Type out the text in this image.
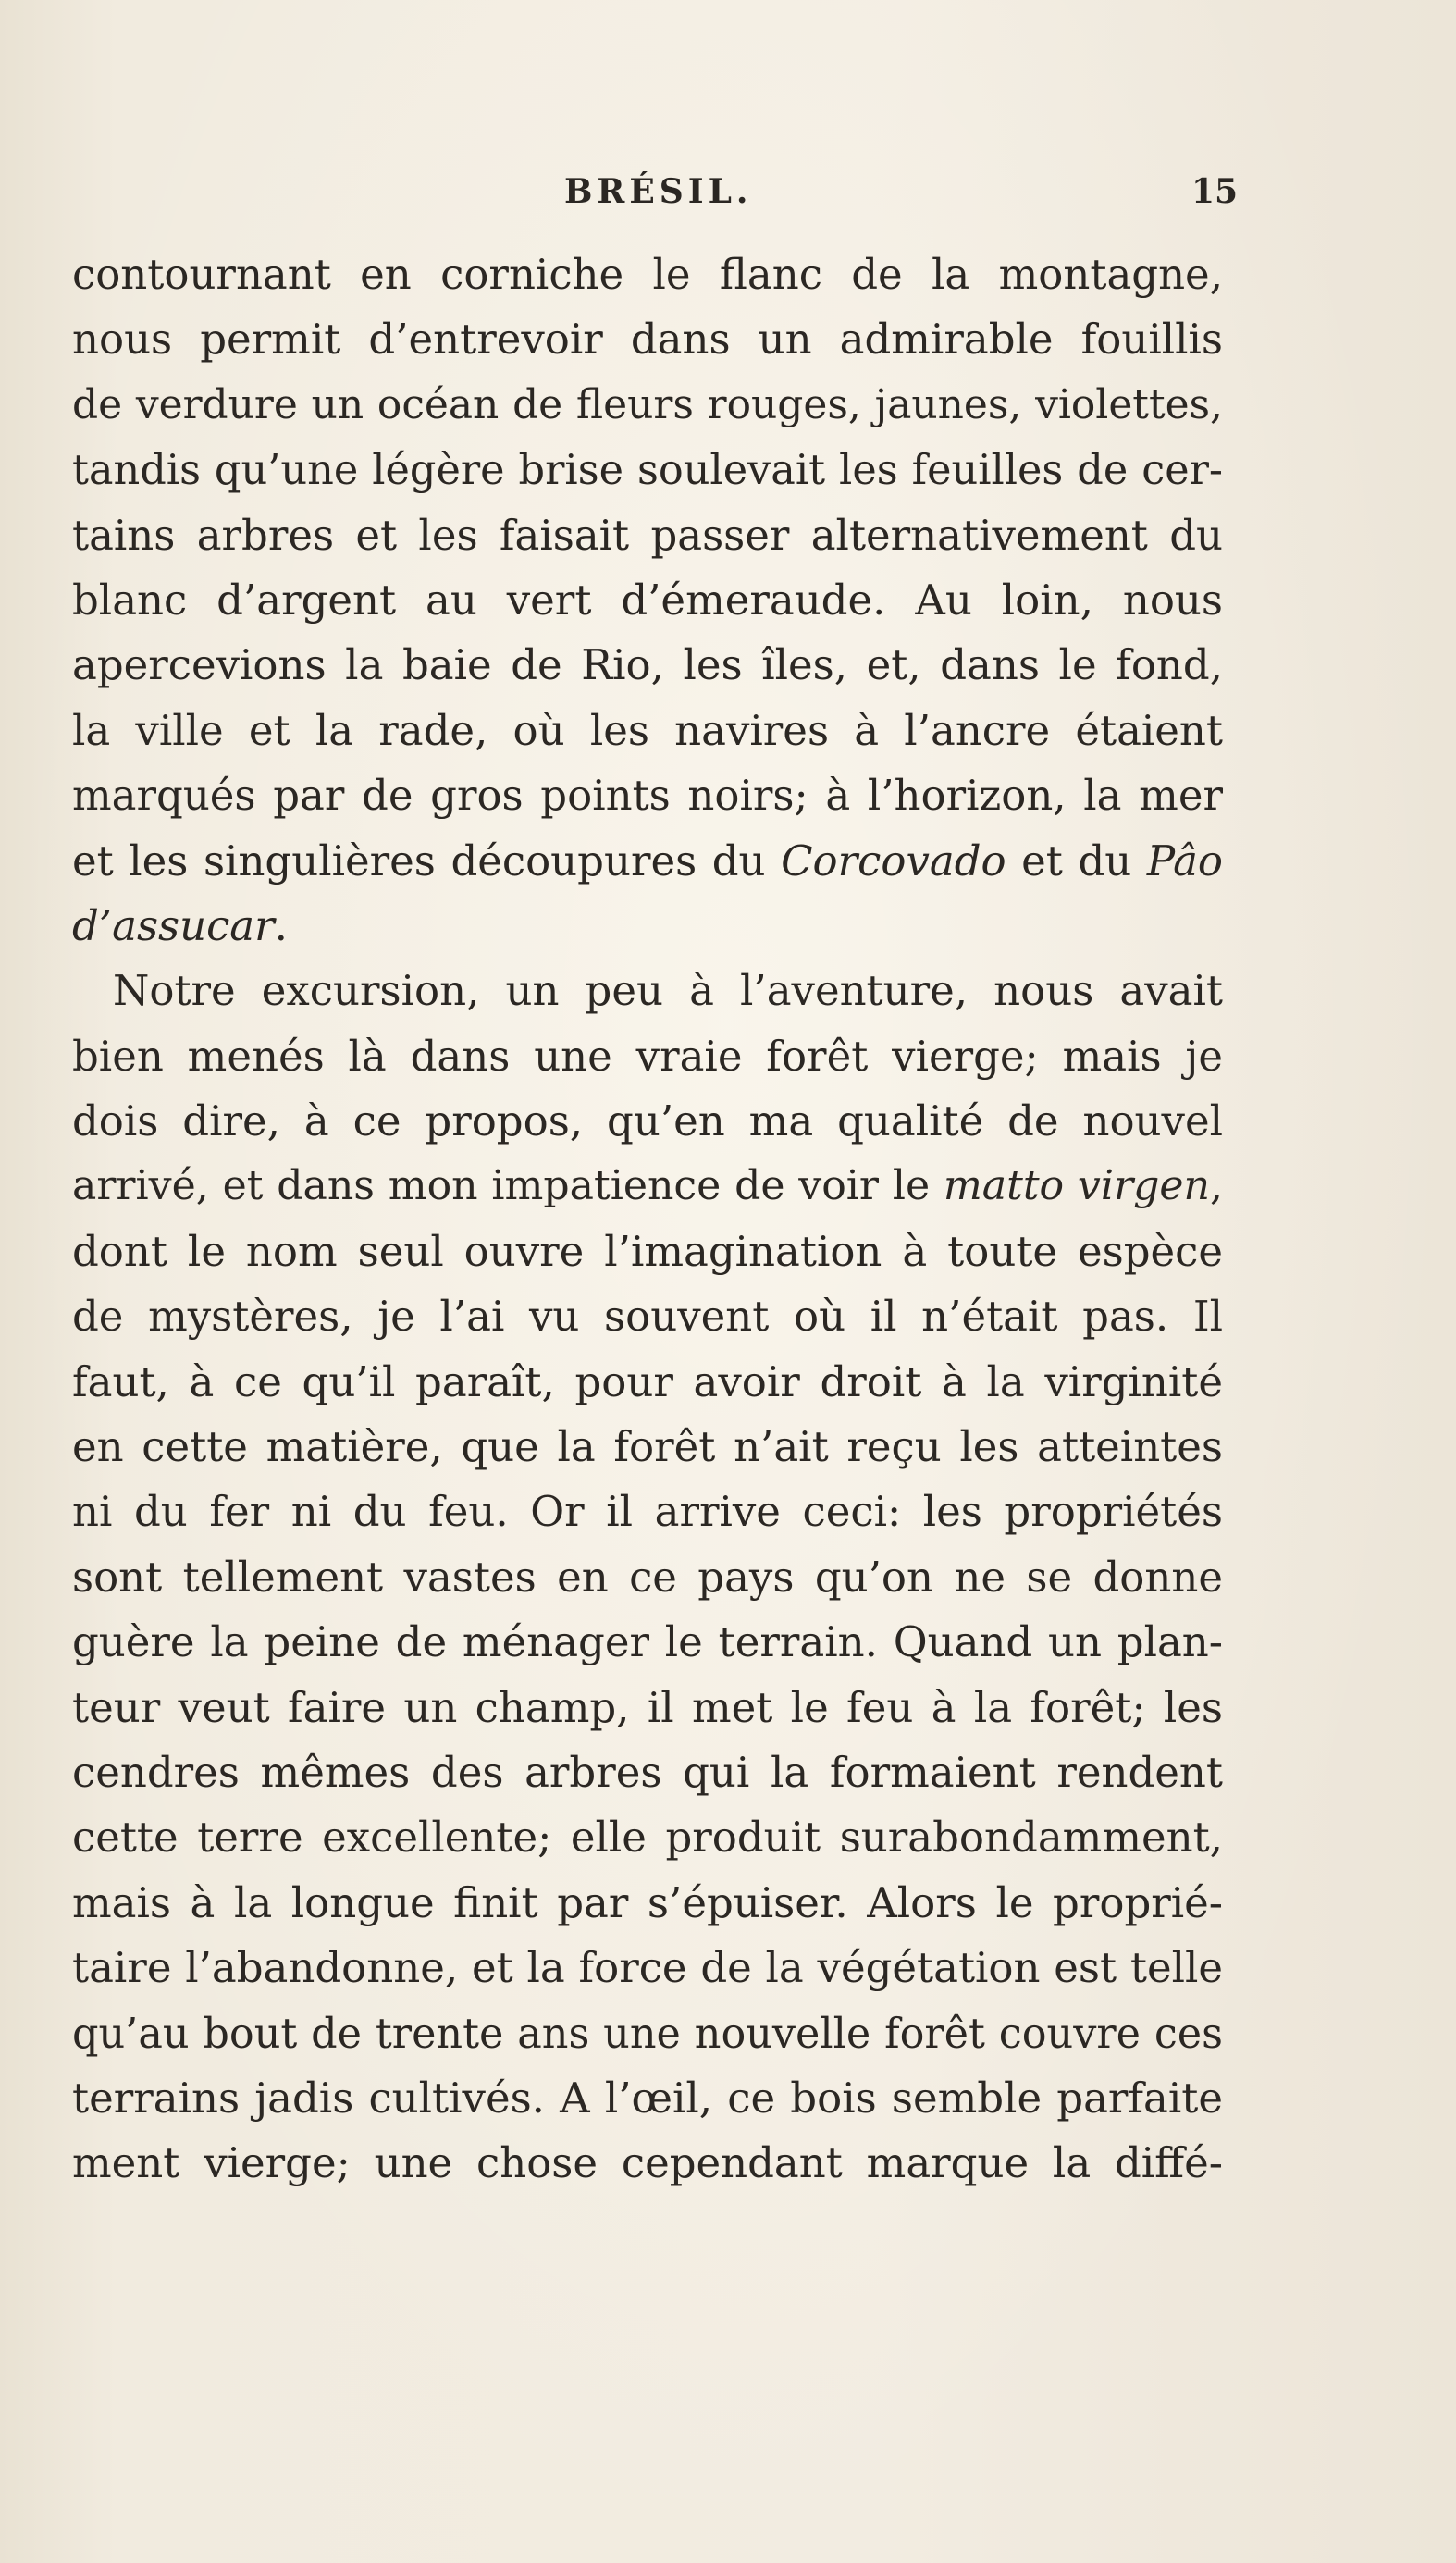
BRÉSIL.	15
contournant en corniche le flanc de la montagne,
nous permit d’entrevoir dans un admirable fouillis
de verdure un océan de fleurs rouges, jaunes, violettes,
tandis qu’une légère brise soulevait les feuilles de cer-
tains arbres et les faisait passer alternativement du
blanc d’argent au vert d’émeraude. Au loin, nous
apercevions la baie de Rio, les îles, et, dans le fond,
la ville et la rade, où les navires à l’ancre étaient
marqués par de gros points noirs; à l’horizon, la mer
et les singulières découpures du Corcovado et du Pâo
d’assucar.
Notre excursion, un peu à l’aventure, nous avait
bien menés là dans une vraie forêt vierge; mais je
dois dire, à ce propos, qu’en ma qualité de nouvel
arrivé, et dans mon impatience de voir le matto virgen,
dont le nom seul ouvre l’imagination à toute espèce
de mystères, je l’ai vu souvent où il n’était pas. Il
faut, à ce qu’il paraît, pour avoir droit à la virginité
en cette matière, que la forêt n’ait reçu les atteintes
ni du fer ni du feu. Or il arrive ceci: les propriétés
sont tellement vastes en ce pays qu’on ne se donne
guère la peine de ménager le terrain. Quand un plan-
teur veut faire un champ, il met le feu à la forêt; les
cendres mêmes des arbres qui la formaient rendent
cette terre excellente; elle produit surabondamment,
mais à la longue finit par s’épuiser. Alors le proprié-
taire l’abandonne, et la force de la végétation est telle
qu’au bout de trente ans une nouvelle forêt couvre ces
terrains jadis cultivés. A l’œil, ce bois semble parfaite
ment vierge; une chose cependant marque la diffé-
